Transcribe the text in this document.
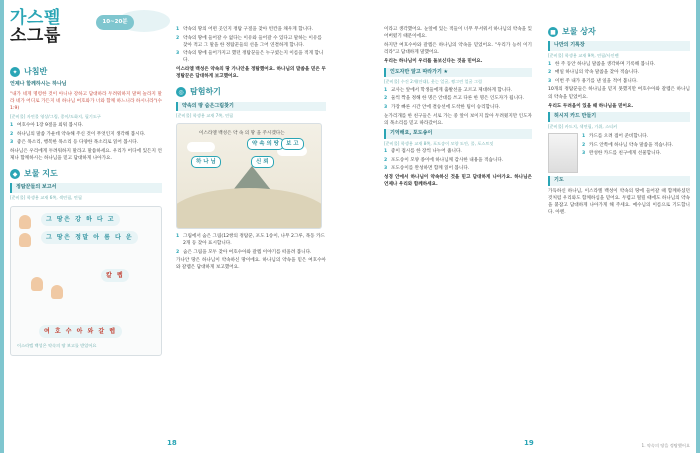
가스펠
소그룹
10~20분
✦ 나침반
언제나 함께하시는 하나님

"내가 네게 명령한 것이 아니냐 강하고 담대하라 두려워하지 말며 놀라지 말라 네가 어디로 가든지 네 하나님 여호와가 너와 함께 하느니라 하시니라"(수 1:9)

[준비물] 자연물 영상/그림, 종이/도화지, 필기도구
1 여호수아 1장 9절을 외워 봅시다.
2 하나님의 말씀 가운데 약속해 주신 것이 무엇인지 생각해 봅시다.
3 좋은 목소리, 행복한 목소리 등 다양한 목소리로 읽어 봅시다.

하나님은 우리에게 두려워하지 말라고 말씀하세요. 우리가 어디에 있든지 언제나 함께하시는 하나님을 믿고 담대하게 나아가요.

◆ 보물 지도
정탐꾼들의 보고서
[준비물] 학생용 교재 6쪽, 색연필, 연필
그 땅은 강 하 다 고
그 땅은 정말 아 름 다 운
칼 렙
여 호 수 아 와 갈 렙
이스라엘 백성은 약속의 땅 보고를 받았어요
1 약속의 땅의 어떤 곳인지 정탐 구절을 찾아 빈칸을 채우게 합니다.
2 약속의 땅에 들어갈 수 없다는 이유와 들어갈 수 있다고 말하는 이유를 찾아 적고 그 말을 한 정탐꾼들의 선을 그어 연결하게 합니다.
3 약속의 땅에 들어가지고 했던 정탐꾼들은 누구였는지 이름을 적게 합니다.

이스라엘 백성은 약속의 땅 가나안을 정탐했어요. 하나님의 말씀을 믿은 두 정탐꾼은 담대하게 보고했어요.

◎ 탐험하기
약속의 땅 숨은그림찾기
[준비물] 학생용 교재 7쪽, 연필
이스라엘 백성은 약 속 의 땅 을 주시겠다는
약 속 의 땅
하 나 님	신 뢰
보 고
1 그림에서 숨은 그림(12쌍의 정탐꾼, 포도 1송이, 나무 2그루, 목동 카드 2개 등 찾아 표시합니다.
2 숨은 그림을 모두 찾아 여호수아와 갈렙 이야기를 떠올려 봅니다.

가나안 땅은 하나님이 약속하신 땅이에요. 하나님의 약속을 믿은 여호수아와 갈렙은 담대하게 보고했어요.

이라고 생각했어요. 눈앞에 있는 적들이 너무 무서워서 하나님의 약속을 잊어버렸기 때문이에요.

하지만 여호수아와 갈렙은 하나님의 약속을 믿었어요. "우리가 능히 이기리라"고 담대하게 말했어요.

우리는 하나님이 우리를 돌보신다는 것을 믿어요.

인도자만 알고 따라가기 ★
[준비물] 수건 2개(안대), 웃는 얼굴, 찡그린 얼굴 그림
1 교사는 앞에서 학생들에게 출발선을 고르고 제대하게 합니다.
2 둘씩 짝을 정해 한 명은 안대를 쓰고 다른 한 명은 인도자가 됩니다.
3 가장 빠른 시간 안에 결승선에 도착한 팀이 승리합니다.

눈가리개를 한 친구들은 서로 가는 중 앞이 보이지 않아 두려웠지만 인도자의 목소리를 믿고 따라갔어요.

기억해요, 포도송이
[준비물] 학생용 교재 8쪽, 포도송이 모양 도안, 풀, 포스트잇
1 좋이 접시를 한 장씩 나누어 줍니다.
2 포도송이 모양 종이에 하나님께 감사한 내용을 적습니다.
3 포도송이를 완성하면 함께 읽어 봅니다.

성경 안에서 하나님이 약속하신 것을 믿고 담대하게 나아가요. 하나님은 언제나 우리와 함께하세요.

■ 보물 상자
나만의 기록장
[준비물] 학생용 교재 9쪽, 연필/사인펜
1 한 주 동안 하나님 말씀을 생각하며 기록해 봅니다.
2 매일 하나님의 약속 말씀을 찾아 적습니다.
3 이번 주 내가 용기를 낸 일을 적어 봅니다.

10개의 정탐꾼들은 하나님을 믿지 못했지만 여호수아와 갈렙은 하나님의 약속을 믿었어요.

우리도 두려움이 있을 때 하나님을 믿어요.

허시지 카드 만들기
[준비물] 카드지, 색연필, 가위, 스티커
1 카드를 오려 접어 준비합니다.
2 카드 안쪽에 하나님 약속 말씀을 적습니다.
3 완성한 카드를 친구에게 선물합니다.
기도

가득하신 하나님, 이스라엘 백성이 약속의 땅에 들어갈 때 함께하셨던 것처럼 우리와도 함께하심을 믿어요. 두렵고 떨릴 때에도 하나님의 약속을 붙잡고 담대하게 나아가게 해 주세요. 예수님의 이름으로 기도합니다. 아멘.

18	19	1. 약속의 땅을 정탐했어요
